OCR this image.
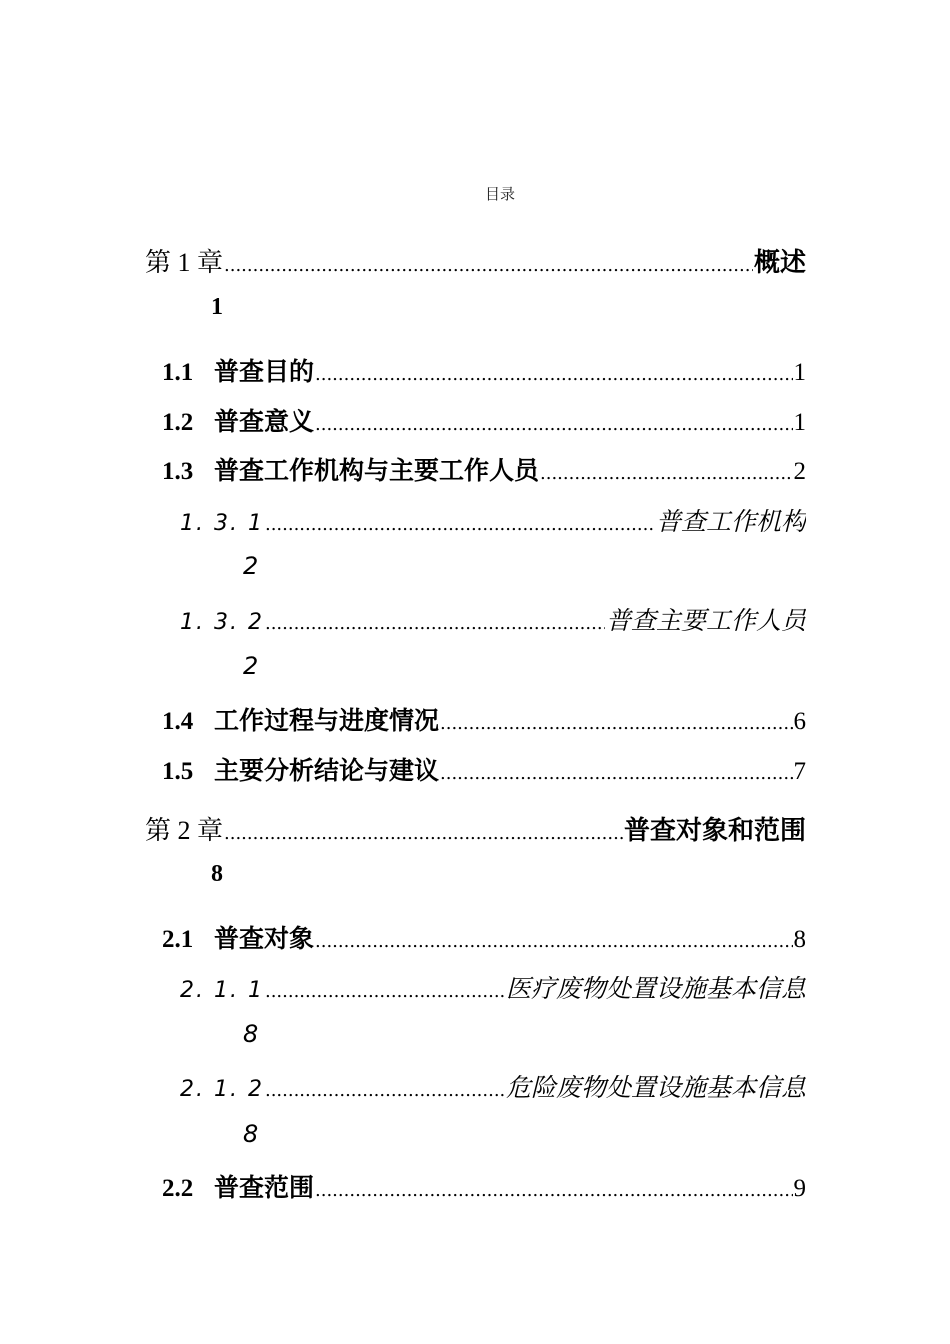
目录
第 1 章 .....	概述
1
1.1 普查目的 .....	1
1.2 普查意义 .....	1
1.3 普查工作机构与主要工作人员 .....	2
1. 3. 1 .....	普查工作机构
2
1. 3. 2 .....	普查主要工作人员
2
1.4 工作过程与进度情况 .....	6
1.5 主要分析结论与建议 .....	7
第 2 章 .....	普查对象和范围
8
2.1 普查对象 .....	8
2. 1. 1 .....	医疗废物处置设施基本信息
8
2. 1. 2 .....	危险废物处置设施基本信息
8
2.2 普查范围 .....	9
